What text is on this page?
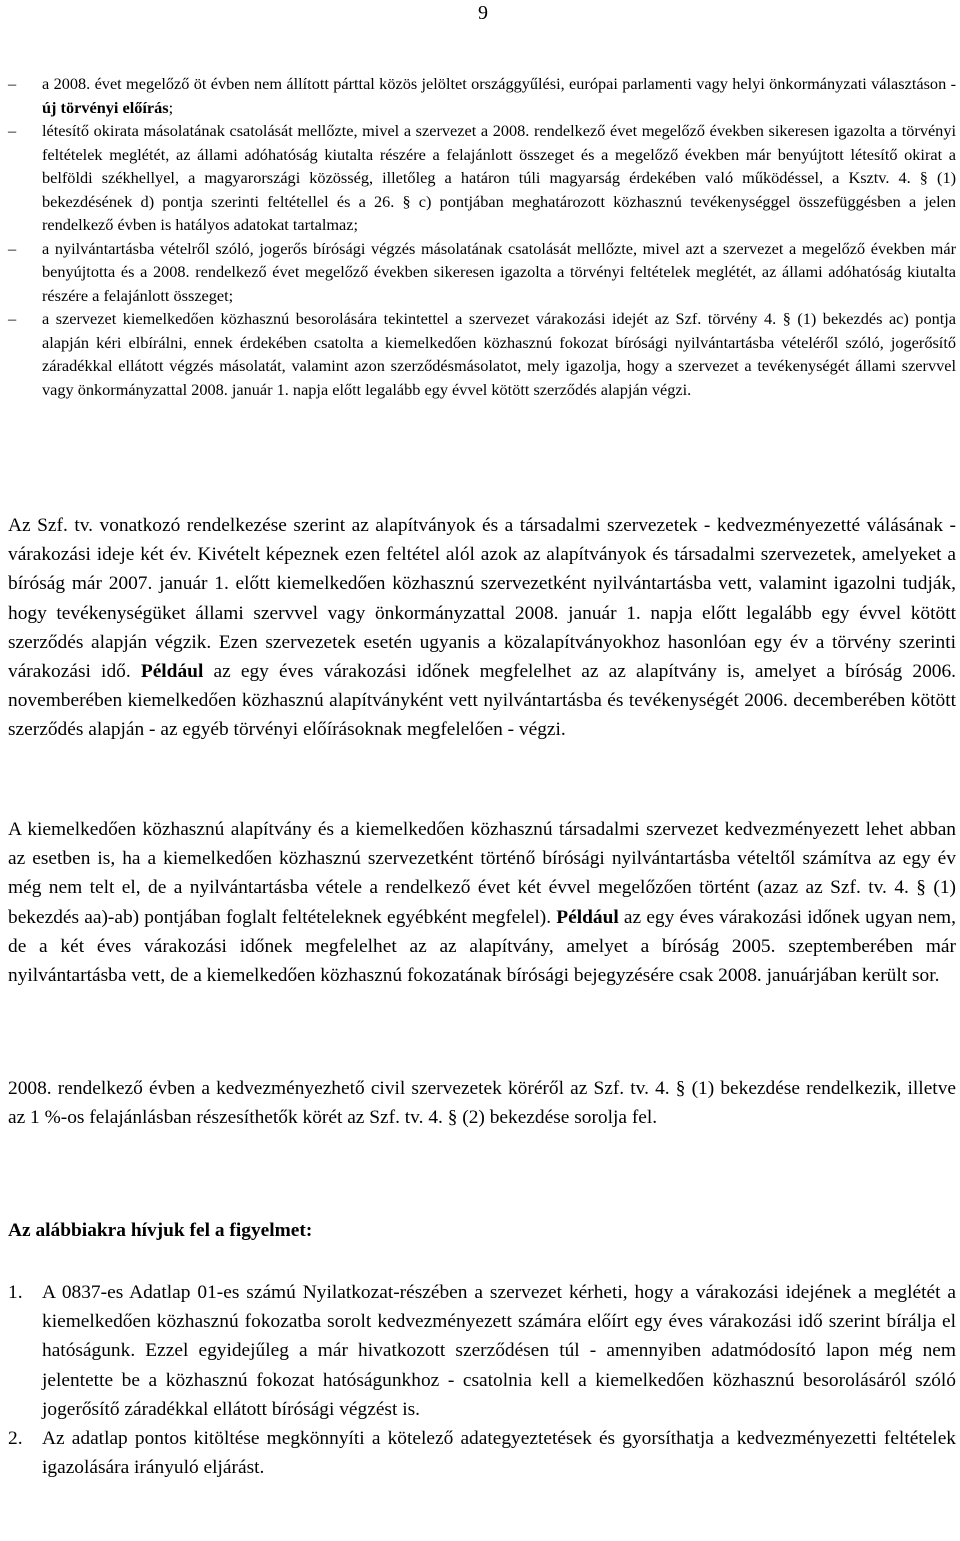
9
–	a 2008. évet megelőző öt évben nem állított párttal közös jelöltet országgyűlési, európai parlamenti vagy helyi önkormányzati választáson - új törvényi előírás;
–	létesítő okirata másolatának csatolását mellőzte, mivel a szervezet a 2008. rendelkező évet megelőző években sikeresen igazolta a törvényi feltételek meglétét, az állami adóhatóság kiutalta részére a felajánlott összeget és a megelőző években már benyújtott létesítő okirat a belföldi székhellyel, a magyarországi közösség, illetőleg a határon túli magyarság érdekében való működéssel, a Ksztv. 4. § (1) bekezdésének d) pontja szerinti feltétellel és a 26. § c) pontjában meghatározott közhasznú tevékenységgel összefüggésben a jelen rendelkező évben is hatályos adatokat tartalmaz;
–	a nyilvántartásba vételről szóló, jogerős bírósági végzés másolatának csatolását mellőzte, mivel azt a szervezet a megelőző években már benyújtotta és a 2008. rendelkező évet megelőző években sikeresen igazolta a törvényi feltételek meglétét, az állami adóhatóság kiutalta részére a felajánlott összeget;
–	a szervezet kiemelkedően közhasznú besorolására tekintettel a szervezet várakozási idejét az Szf. törvény 4. § (1) bekezdés ac) pontja alapján kéri elbírálni, ennek érdekében csatolta a kiemelkedően közhasznú fokozat bírósági nyilvántartásba vételéről szóló, jogerősítő záradékkal ellátott végzés másolatát, valamint azon szerződésmásolatot, mely igazolja, hogy a szervezet a tevékenységét állami szervvel vagy önkormányzattal 2008. január 1. napja előtt legalább egy évvel kötött szerződés alapján végzi.

Az Szf. tv. vonatkozó rendelkezése szerint az alapítványok és a társadalmi szervezetek - kedvezményezetté válásának - várakozási ideje két év. Kivételt képeznek ezen feltétel alól azok az alapítványok és társadalmi szervezetek, amelyeket a bíróság már 2007. január 1. előtt kiemelkedően közhasznú szervezetként nyilvántartásba vett, valamint igazolni tudják, hogy tevékenységüket állami szervvel vagy önkormányzattal 2008. január 1. napja előtt legalább egy évvel kötött szerződés alapján végzik. Ezen szervezetek esetén ugyanis a közalapítványokhoz hasonlóan egy év a törvény szerinti várakozási idő. Például az egy éves várakozási időnek megfelelhet az az alapítvány is, amelyet a bíróság 2006. novemberében kiemelkedően közhasznú alapítványként vett nyilvántartásba és tevékenységét 2006. decemberében kötött szerződés alapján - az egyéb törvényi előírásoknak megfelelően - végzi.

A kiemelkedően közhasznú alapítvány és a kiemelkedően közhasznú társadalmi szervezet kedvezményezett lehet abban az esetben is, ha a kiemelkedően közhasznú szervezetként történő bírósági nyilvántartásba vételtől számítva az egy év még nem telt el, de a nyilvántartásba vétele a rendelkező évet két évvel megelőzően történt (azaz az Szf. tv. 4. § (1) bekezdés aa)-ab) pontjában foglalt feltételeknek egyébként megfelel). Például az egy éves várakozási időnek ugyan nem, de a két éves várakozási időnek megfelelhet az az alapítvány, amelyet a bíróság 2005. szeptemberében már nyilvántartásba vett, de a kiemelkedően közhasznú fokozatának bírósági bejegyzésére csak 2008. januárjában került sor.

2008. rendelkező évben a kedvezményezhető civil szervezetek köréről az Szf. tv. 4. § (1) bekezdése rendelkezik, illetve az 1 %-os felajánlásban részesíthetők körét az Szf. tv. 4. § (2) bekezdése sorolja fel.

Az alábbiakra hívjuk fel a figyelmet:

1. A 0837-es Adatlap 01-es számú Nyilatkozat-részében a szervezet kérheti, hogy a várakozási idejének a meglétét a kiemelkedően közhasznú fokozatba sorolt kedvezményezett számára előírt egy éves várakozási idő szerint bírálja el hatóságunk. Ezzel egyidejűleg a már hivatkozott szerződésen túl - amennyiben adatmódosító lapon még nem jelentette be a közhasznú fokozat hatóságunkhoz - csatolnia kell a kiemelkedően közhasznú besorolásáról szóló jogerősítő záradékkal ellátott bírósági végzést is.
2. Az adatlap pontos kitöltése megkönnyíti a kötelező adategyeztetések és gyorsíthatja a kedvezményezetti feltételek igazolására irányuló eljárást.
